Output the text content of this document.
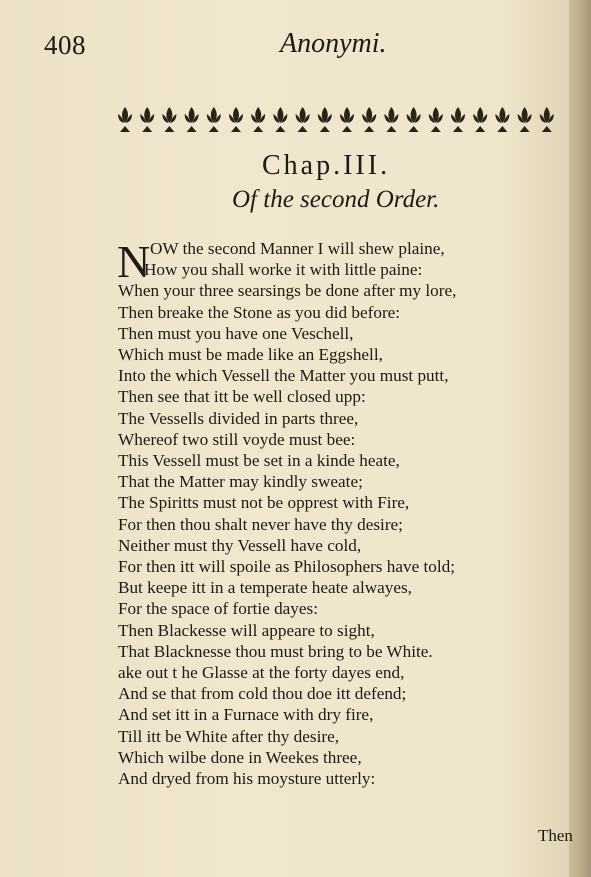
408	Anonymi.
Chap.III.
Of the second Order.
N OW the second Manner I will shew plaine,
How you shall worke it with little paine:
When your three searsings be done after my lore,
Then breake the Stone as you did before:
Then must you have one Veschell,
Which must be made like an Eggshell,
Into the which Vessell the Matter you must putt,
Then see that itt be well closed upp:
The Vessells divided in parts three,
Whereof two still voyde must bee:
This Vessell must be set in a kinde heate,
That the Matter may kindly sweate;
The Spiritts must not be opprest with Fire,
For then thou shalt never have thy desire;
Neither must thy Vessell have cold,
For then itt will spoile as Philosophers have told;
But keepe itt in a temperate heate alwayes,
For the space of fortie dayes:
Then Blackesse will appeare to sight,
That Blacknesse thou must bring to be White.
ake out t he Glasse at the forty dayes end,
And se that from cold thou doe itt defend;
And set itt in a Furnace with dry fire,
Till itt be White after thy desire,
Which wilbe done in Weekes three,
And dryed from his moysture utterly:
Then
